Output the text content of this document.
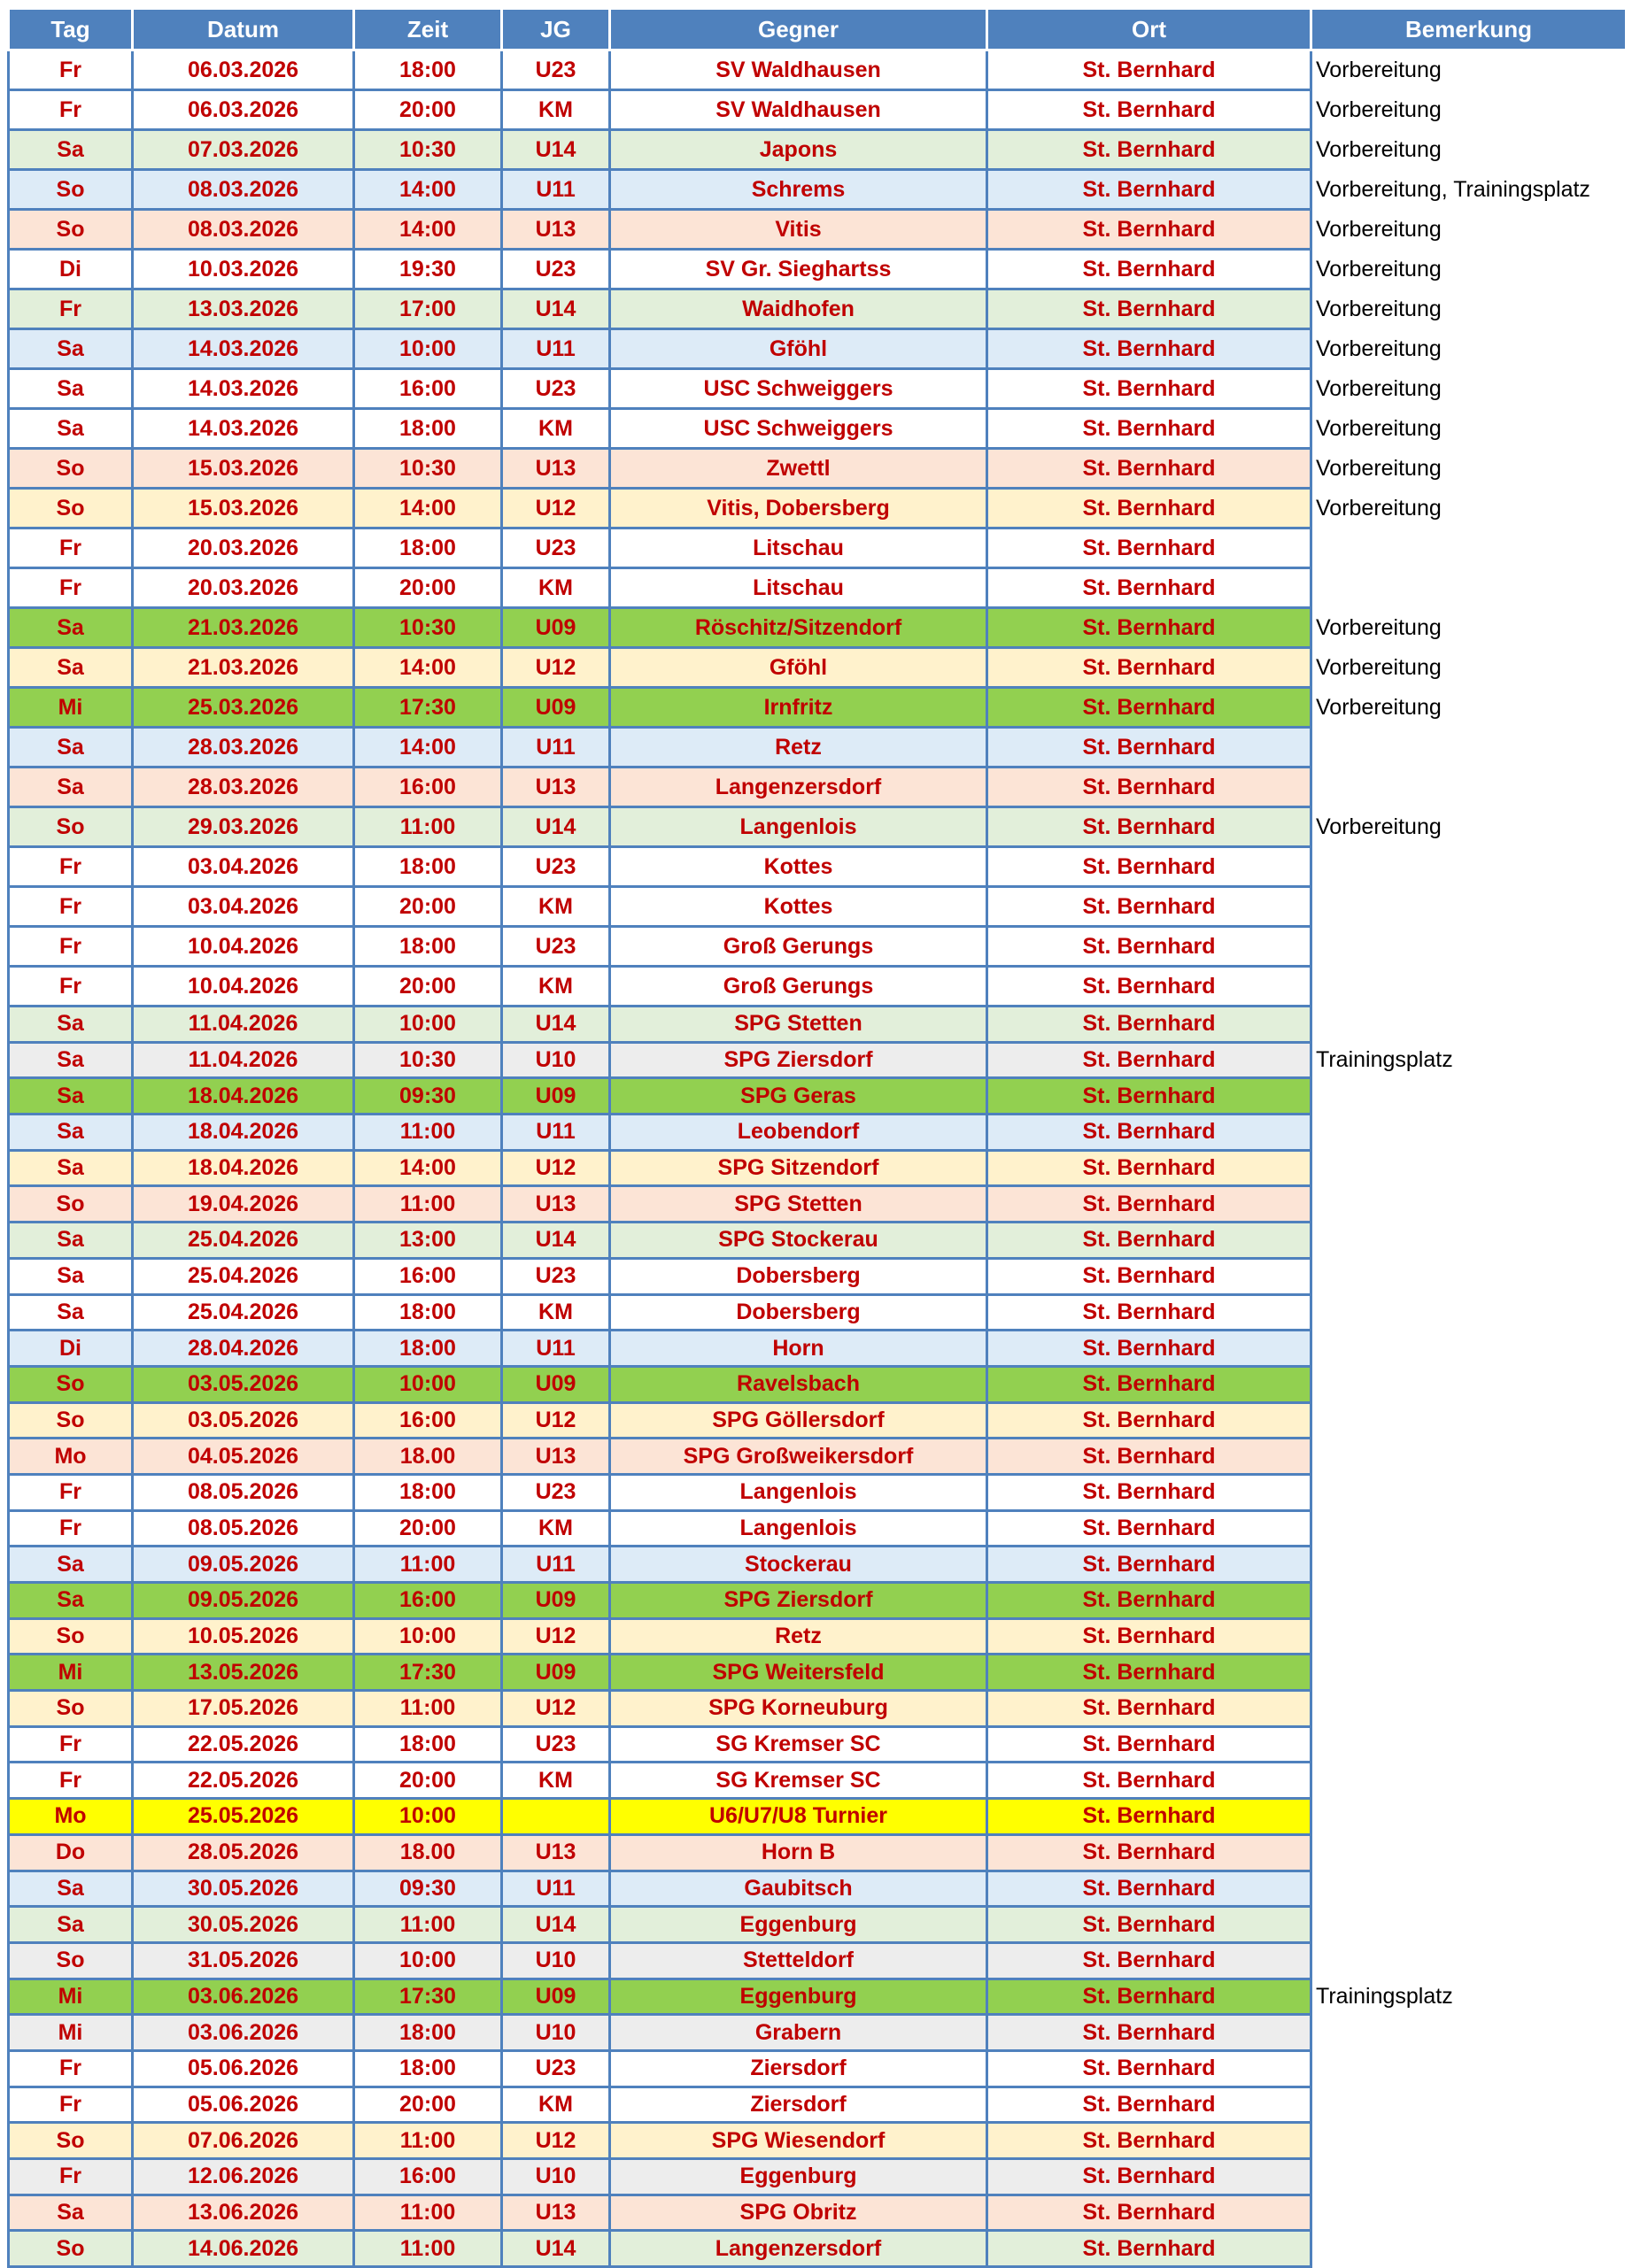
Tag	Datum	Zeit	JG	Gegner	Ort	Bemerkung
Fr	06.03.2026	18:00	U23	SV Waldhausen	St. Bernhard	Vorbereitung
Fr	06.03.2026	20:00	KM	SV Waldhausen	St. Bernhard	Vorbereitung
Sa	07.03.2026	10:30	U14	Japons	St. Bernhard	Vorbereitung
So	08.03.2026	14:00	U11	Schrems	St. Bernhard	Vorbereitung, Trainingsplatz
So	08.03.2026	14:00	U13	Vitis	St. Bernhard	Vorbereitung
Di	10.03.2026	19:30	U23	SV Gr. Sieghartss	St. Bernhard	Vorbereitung
Fr	13.03.2026	17:00	U14	Waidhofen	St. Bernhard	Vorbereitung
Sa	14.03.2026	10:00	U11	Gföhl	St. Bernhard	Vorbereitung
Sa	14.03.2026	16:00	U23	USC Schweiggers	St. Bernhard	Vorbereitung
Sa	14.03.2026	18:00	KM	USC Schweiggers	St. Bernhard	Vorbereitung
So	15.03.2026	10:30	U13	Zwettl	St. Bernhard	Vorbereitung
So	15.03.2026	14:00	U12	Vitis, Dobersberg	St. Bernhard	Vorbereitung
Fr	20.03.2026	18:00	U23	Litschau	St. Bernhard	
Fr	20.03.2026	20:00	KM	Litschau	St. Bernhard	
Sa	21.03.2026	10:30	U09	Röschitz/Sitzendorf	St. Bernhard	Vorbereitung
Sa	21.03.2026	14:00	U12	Gföhl	St. Bernhard	Vorbereitung
Mi	25.03.2026	17:30	U09	Irnfritz	St. Bernhard	Vorbereitung
Sa	28.03.2026	14:00	U11	Retz	St. Bernhard	
Sa	28.03.2026	16:00	U13	Langenzersdorf	St. Bernhard	
So	29.03.2026	11:00	U14	Langenlois	St. Bernhard	Vorbereitung
Fr	03.04.2026	18:00	U23	Kottes	St. Bernhard	
Fr	03.04.2026	20:00	KM	Kottes	St. Bernhard	
Fr	10.04.2026	18:00	U23	Groß Gerungs	St. Bernhard	
Fr	10.04.2026	20:00	KM	Groß Gerungs	St. Bernhard	
Sa	11.04.2026	10:00	U14	SPG Stetten	St. Bernhard	
Sa	11.04.2026	10:30	U10	SPG Ziersdorf	St. Bernhard	Trainingsplatz
Sa	18.04.2026	09:30	U09	SPG Geras	St. Bernhard	
Sa	18.04.2026	11:00	U11	Leobendorf	St. Bernhard	
Sa	18.04.2026	14:00	U12	SPG Sitzendorf	St. Bernhard	
So	19.04.2026	11:00	U13	SPG Stetten	St. Bernhard	
Sa	25.04.2026	13:00	U14	SPG Stockerau	St. Bernhard	
Sa	25.04.2026	16:00	U23	Dobersberg	St. Bernhard	
Sa	25.04.2026	18:00	KM	Dobersberg	St. Bernhard	
Di	28.04.2026	18:00	U11	Horn	St. Bernhard	
So	03.05.2026	10:00	U09	Ravelsbach	St. Bernhard	
So	03.05.2026	16:00	U12	SPG Göllersdorf	St. Bernhard	
Mo	04.05.2026	18.00	U13	SPG Großweikersdorf	St. Bernhard	
Fr	08.05.2026	18:00	U23	Langenlois	St. Bernhard	
Fr	08.05.2026	20:00	KM	Langenlois	St. Bernhard	
Sa	09.05.2026	11:00	U11	Stockerau	St. Bernhard	
Sa	09.05.2026	16:00	U09	SPG Ziersdorf	St. Bernhard	
So	10.05.2026	10:00	U12	Retz	St. Bernhard	
Mi	13.05.2026	17:30	U09	SPG Weitersfeld	St. Bernhard	
So	17.05.2026	11:00	U12	SPG Korneuburg	St. Bernhard	
Fr	22.05.2026	18:00	U23	SG Kremser SC	St. Bernhard	
Fr	22.05.2026	20:00	KM	SG Kremser SC	St. Bernhard	
Mo	25.05.2026	10:00		U6/U7/U8 Turnier	St. Bernhard	
Do	28.05.2026	18.00	U13	Horn B	St. Bernhard	
Sa	30.05.2026	09:30	U11	Gaubitsch	St. Bernhard	
Sa	30.05.2026	11:00	U14	Eggenburg	St. Bernhard	
So	31.05.2026	10:00	U10	Stetteldorf	St. Bernhard	
Mi	03.06.2026	17:30	U09	Eggenburg	St. Bernhard	Trainingsplatz
Mi	03.06.2026	18:00	U10	Grabern	St. Bernhard	
Fr	05.06.2026	18:00	U23	Ziersdorf	St. Bernhard	
Fr	05.06.2026	20:00	KM	Ziersdorf	St. Bernhard	
So	07.06.2026	11:00	U12	SPG Wiesendorf	St. Bernhard	
Fr	12.06.2026	16:00	U10	Eggenburg	St. Bernhard	
Sa	13.06.2026	11:00	U13	SPG Obritz	St. Bernhard	
So	14.06.2026	11:00	U14	Langenzersdorf	St. Bernhard	
